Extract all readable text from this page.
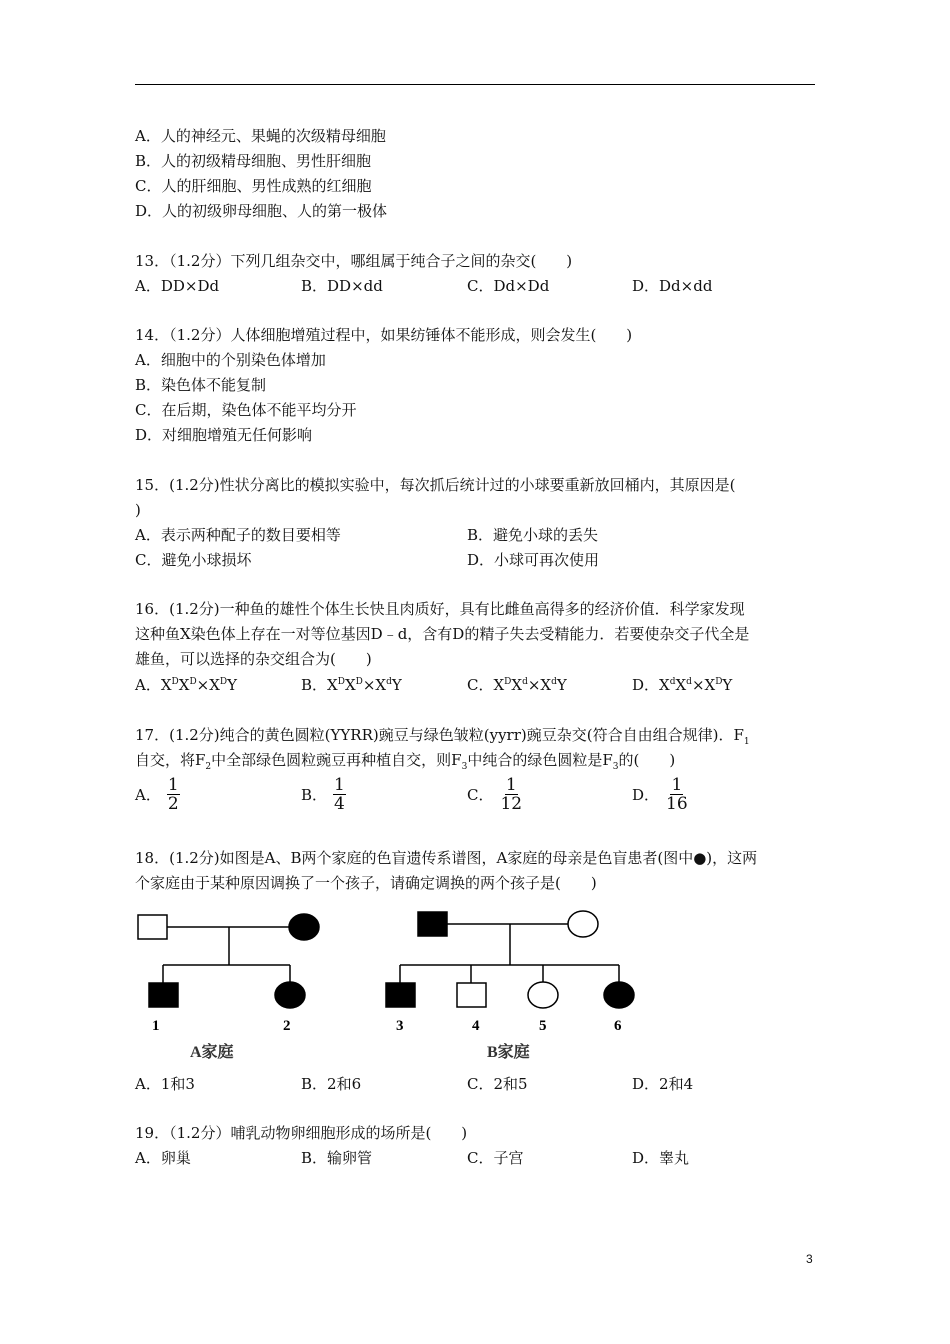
A．人的神经元、果蝇的次级精母细胞
B．人的初级精母细胞、男性肝细胞
C．人的肝细胞、男性成熟的红细胞
D．人的初级卵母细胞、人的第一极体
13．（1.2分）下列几组杂交中，哪组属于纯合子之间的杂交(　　)
A．DD×Dd	B．DD×dd	C．Dd×Dd	D．Dd×dd
14．（1.2分）人体细胞增殖过程中，如果纺锤体不能形成，则会发生(　　)
A．细胞中的个别染色体增加
B．染色体不能复制
C．在后期，染色体不能平均分开
D．对细胞增殖无任何影响
15．(1.2分)性状分离比的模拟实验中，每次抓后统计过的小球要重新放回桶内，其原因是(
)
A．表示两种配子的数目要相等	B．避免小球的丢失
C．避免小球损坏	D．小球可再次使用
16．(1.2分)一种鱼的雄性个体生长快且肉质好，具有比雌鱼高得多的经济价值．科学家发现
这种鱼X染色体上存在一对等位基因D﹣d，含有D的精子失去受精能力．若要使杂交子代全是
雄鱼，可以选择的杂交组合为(　　)
A．$X^DX^D\times X^DY$	B．$X^DX^D\times X^dY$	C．$X^DX^d\times X^dY$	D．$X^dX^d\times X^DY$
17．(1.2分)纯合的黄色圆粒(YYRR)豌豆与绿色皱粒(yyrr)豌豆杂交(符合自由组合规律)．$F_1$
自交，将$F_2$中全部绿色圆粒豌豆再种植自交，则$F_3$中纯合的绿色圆粒是$F_3$的(　　)
A． $\frac{1}{2}$	B． $\frac{1}{4}$	C． $\frac{1}{12}$	D． $\frac{1}{16}$
18．(1.2分)如图是A、B两个家庭的色盲遗传系谱图，A家庭的母亲是色盲患者(图中●)，这两
个家庭由于某种原因调换了一个孩子，请确定调换的两个孩子是(　　)
1	2	3	4	5	6
A家庭	B家庭
A．1和3	B．2和6	C．2和5	D．2和4
19．（1.2分）哺乳动物卵细胞形成的场所是(　　)
A．卵巢	B．输卵管	C．子宫	D．睾丸
3
